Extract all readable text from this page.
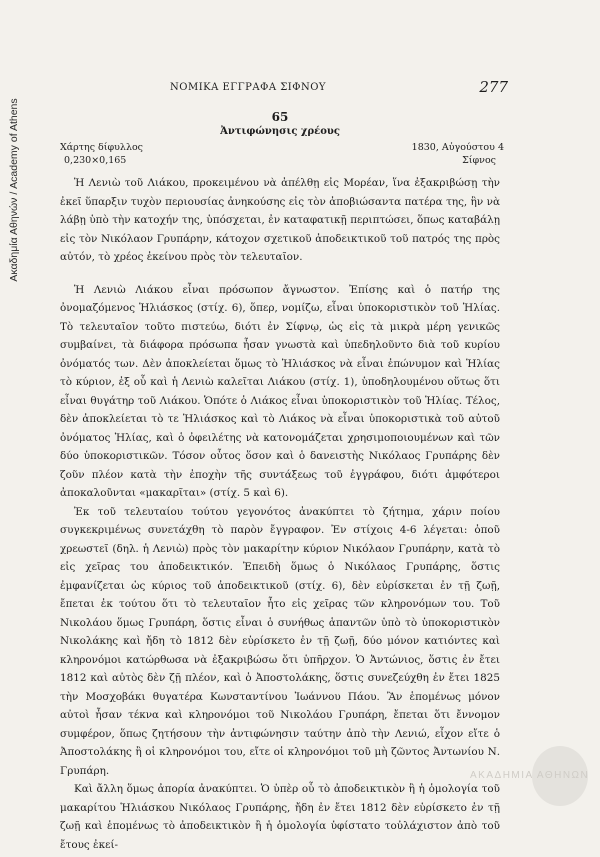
Ακαδημία Αθηνών / Academy of Athens
ΝΟΜΙΚΑ ΕΓΓΡΑΦΑ ΣΙΦΝΟΥ	277
65
Ἀντιφώνησις χρέους
Χάρτης δίφυλλος
0,230×0,165
1830, Αὐγούστου 4
Σίφνος

Ἡ Λενιὼ τοῦ Λιάκου, προκειμένου νὰ ἀπέλθῃ εἰς Μορέαν, ἵνα ἐξακριβώσῃ τὴν ἐκεῖ ὕπαρξιν τυχὸν περιουσίας ἀνηκούσης εἰς τὸν ἀποβιώσαντα πατέρα της, ἣν νὰ λάβῃ ὑπὸ τὴν κατοχήν της, ὑπόσχεται, ἐν καταφατικῇ περιπτώσει, ὅπως καταβάλῃ εἰς τὸν Νικόλαον Γρυπάρην, κάτοχον σχετικοῦ ἀποδεικτικοῦ τοῦ πατρός της πρὸς αὐτόν, τὸ χρέος ἐκείνου πρὸς τὸν τελευταῖον.

Ἡ Λενιὼ Λιάκου εἶναι πρόσωπον ἄγνωστον. Ἐπίσης καὶ ὁ πατήρ της ὀνομαζόμενος Ἡλιάσκος (στίχ. 6), ὅπερ, νομίζω, εἶναι ὑποκοριστικὸν τοῦ Ἡλίας. Τὸ τελευταῖον τοῦτο πιστεύω, διότι ἐν Σίφνῳ, ὡς εἰς τὰ μικρὰ μέρη γενικῶς συμβαίνει, τὰ διάφορα πρόσωπα ἦσαν γνωστὰ καὶ ὑπεδηλοῦντο διὰ τοῦ κυρίου ὀνόματός των. Δὲν ἀποκλείεται ὅμως τὸ Ἡλιάσκος νὰ εἶναι ἐπώνυμον καὶ Ἡλίας τὸ κύριον, ἐξ οὗ καὶ ἡ Λενιὼ καλεῖται Λιάκου (στίχ. 1), ὑποδηλουμένου οὕτως ὅτι εἶναι θυγάτηρ τοῦ Λιάκου. Ὁπότε ὁ Λιάκος εἶναι ὑποκοριστικὸν τοῦ Ἡλίας. Τέλος, δὲν ἀποκλείεται τὸ τε Ἡλιάσκος καὶ τὸ Λιάκος νὰ εἶναι ὑποκοριστικὰ τοῦ αὐτοῦ ὀνόματος Ἡλίας, καὶ ὁ ὀφειλέτης νὰ κατονομάζεται χρησιμοποιουμένων καὶ τῶν δύο ὑποκοριστικῶν. Τόσον οὗτος ὅσον καὶ ὁ δανειστὴς Νικόλαος Γρυπάρης δὲν ζοῦν πλέον κατὰ τὴν ἐποχὴν τῆς συντάξεως τοῦ ἐγγράφου, διότι ἀμφότεροι ἀποκαλοῦνται «μακαρῖται» (στίχ. 5 καὶ 6).

Ἐκ τοῦ τελευταίου τούτου γεγονότος ἀνακύπτει τὸ ζήτημα, χάριν ποίου συγκεκριμένως συνετάχθη τὸ παρὸν ἔγγραφον. Ἐν στίχοις 4-6 λέγεται: ὁποῦ χρεωστεῖ (δηλ. ἡ Λενιὼ) πρὸς τὸν μακαρίτην κύριον Νικόλαον Γρυπάρην, κατὰ τὸ εἰς χεῖρας του ἀποδεικτικόν. Ἐπειδὴ ὅμως ὁ Νικόλαος Γρυπάρης, ὅστις ἐμφανίζεται ὡς κύριος τοῦ ἀποδεικτικοῦ (στίχ. 6), δὲν εὑρίσκεται ἐν τῇ ζωῇ, ἔπεται ἐκ τούτου ὅτι τὸ τελευταῖον ἦτο εἰς χεῖρας τῶν κληρονόμων του. Τοῦ Νικολάου ὅμως Γρυπάρη, ὅστις εἶναι ὁ συνήθως ἁπαντῶν ὑπὸ τὸ ὑποκοριστικὸν Νικολάκης καὶ ἤδη τὸ 1812 δὲν εὑρίσκετο ἐν τῇ ζωῇ, δύο μόνον κατιόντες καὶ κληρονόμοι κατώρθωσα νὰ ἐξακριβώσω ὅτι ὑπῆρχον. Ὁ Ἀντώνιος, ὅστις ἐν ἔτει 1812 καὶ αὐτὸς δὲν ζῇ πλέον, καὶ ὁ Ἀποστολάκης, ὅστις συνεζεύχθη ἐν ἔτει 1825 τὴν Μοσχοβάκι θυγατέρα Κωνσταντίνου Ἰωάννου Πάου. Ἂν ἑπομένως μόνον αὐτοὶ ἦσαν τέκνα καὶ κληρονόμοι τοῦ Νικολάου Γρυπάρη, ἔπεται ὅτι ἔννομον συμφέρον, ὅπως ζητήσουν τὴν ἀντιφώνησιν ταύτην ἀπὸ τὴν Λενιώ, εἶχον εἴτε ὁ Ἀποστολάκης ἢ οἱ κληρονόμοι του, εἴτε οἱ κληρονόμοι τοῦ μὴ ζῶντος Ἀντωνίου Ν. Γρυπάρη.

Καὶ ἄλλη ὅμως ἀπορία ἀνακύπτει. Ὁ ὑπὲρ οὗ τὸ ἀποδεικτικὸν ἢ ἡ ὁμολογία τοῦ μακαρίτου Ἡλιάσκου Νικόλαος Γρυπάρης, ἤδη ἐν ἔτει 1812 δὲν εὑρίσκετο ἐν τῇ ζωῇ καὶ ἑπομένως τὸ ἀποδεικτικὸν ἢ ἡ ὁμολογία ὑφίστατο τοὐλάχιστον ἀπὸ τοῦ ἔτους ἐκεί-

ΑΚΑΔΗΜΙΑ ΑΘΗΝΩΝ
